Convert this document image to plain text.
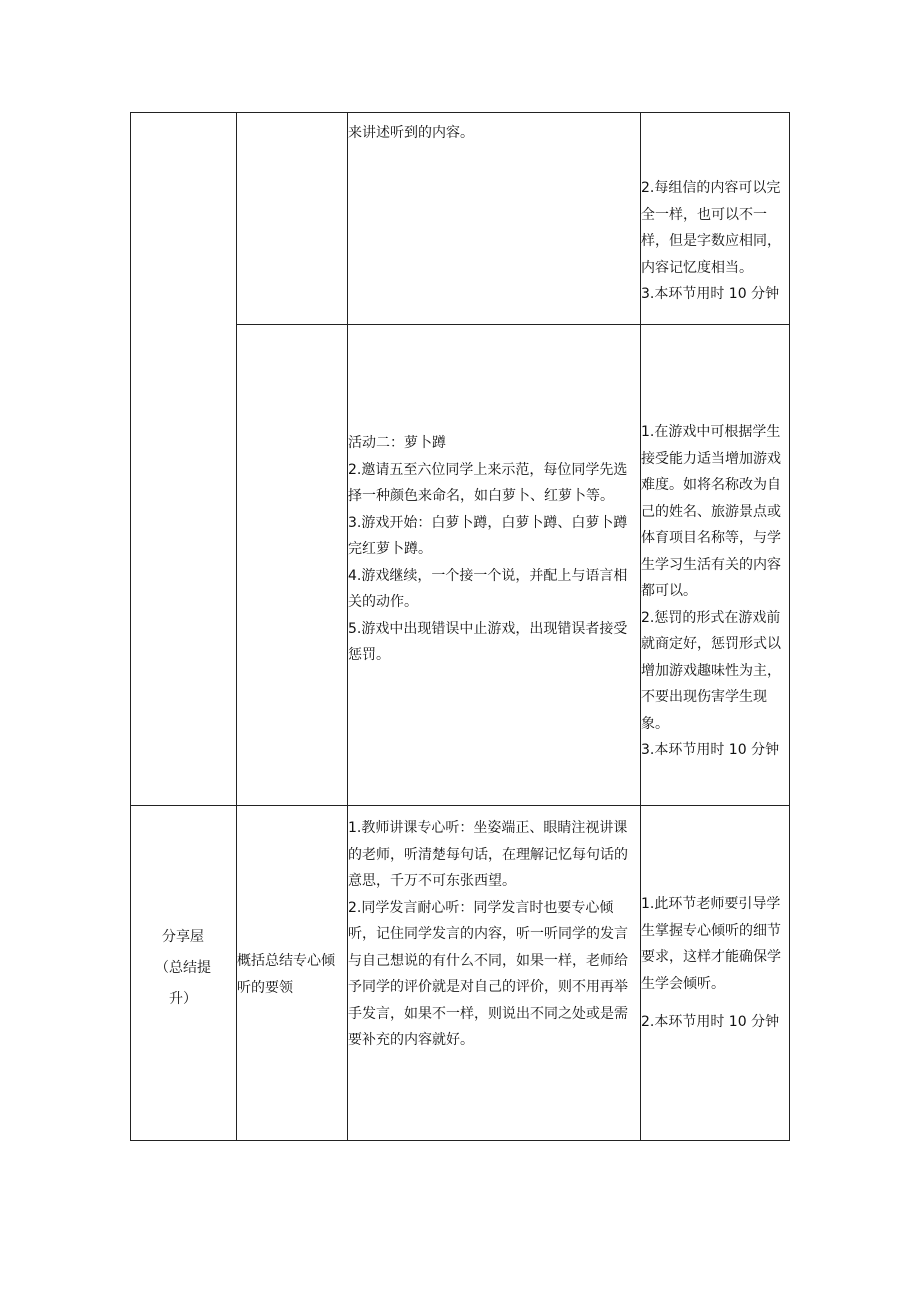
来讲述听到的内容。

2.每组信的内容可以完全一样，也可以不一样，但是字数应相同，内容记忆度相当。

3.本环节用时 10 分钟

活动二：萝卜蹲

2.邀请五至六位同学上来示范，每位同学先选择一种颜色来命名，如白萝卜、红萝卜等。

3.游戏开始：白萝卜蹲，白萝卜蹲、白萝卜蹲完红萝卜蹲。

4.游戏继续，一个接一个说，并配上与语言相关的动作。

5.游戏中出现错误中止游戏，出现错误者接受惩罚。

1.在游戏中可根据学生接受能力适当增加游戏难度。如将名称改为自己的姓名、旅游景点或体育项目名称等，与学生学习生活有关的内容都可以。

2.惩罚的形式在游戏前就商定好，惩罚形式以增加游戏趣味性为主，不要出现伤害学生现象。

3.本环节用时 10 分钟

分享屋（总结提升）

概括总结专心倾听的要领

1.教师讲课专心听：坐姿端正、眼睛注视讲课的老师，听清楚每句话，在理解记忆每句话的意思，千万不可东张西望。

2.同学发言耐心听：同学发言时也要专心倾听，记住同学发言的内容，听一听同学的发言与自己想说的有什么不同，如果一样，老师给予同学的评价就是对自己的评价，则不用再举手发言，如果不一样，则说出不同之处或是需要补充的内容就好。

1.此环节老师要引导学生掌握专心倾听的细节要求，这样才能确保学生学会倾听。

2.本环节用时 10 分钟
